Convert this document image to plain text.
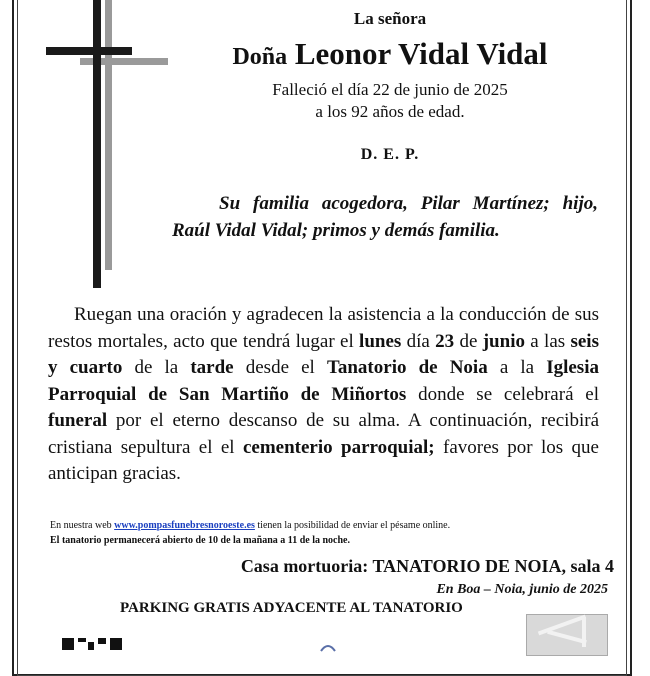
La señora
Doña Leonor Vidal Vidal
Falleció el día 22 de junio de 2025
a los 92 años de edad.
D. E. P.
Su familia acogedora, Pilar Martínez; hijo, Raúl Vidal Vidal; primos y demás familia.
Ruegan una oración y agradecen la asistencia a la conducción de sus restos mortales, acto que tendrá lugar el lunes día 23 de junio a las seis y cuarto de la tarde desde el Tanatorio de Noia a la Iglesia Parroquial de San Martiño de Miñortos donde se celebrará el funeral por el eterno descanso de su alma. A continuación, recibirá cristiana sepultura el el cementerio parroquial; favores por los que anticipan gracias.
En nuestra web www.pompasfunebresnoroeste.es tienen la posibilidad de enviar el pésame online.
El tanatorio permanecerá abierto de 10 de la mañana a 11 de la noche.
Casa mortuoria: TANATORIO DE NOIA, sala 4
En Boa – Noia, junio de 2025
PARKING GRATIS ADYACENTE AL TANATORIO
